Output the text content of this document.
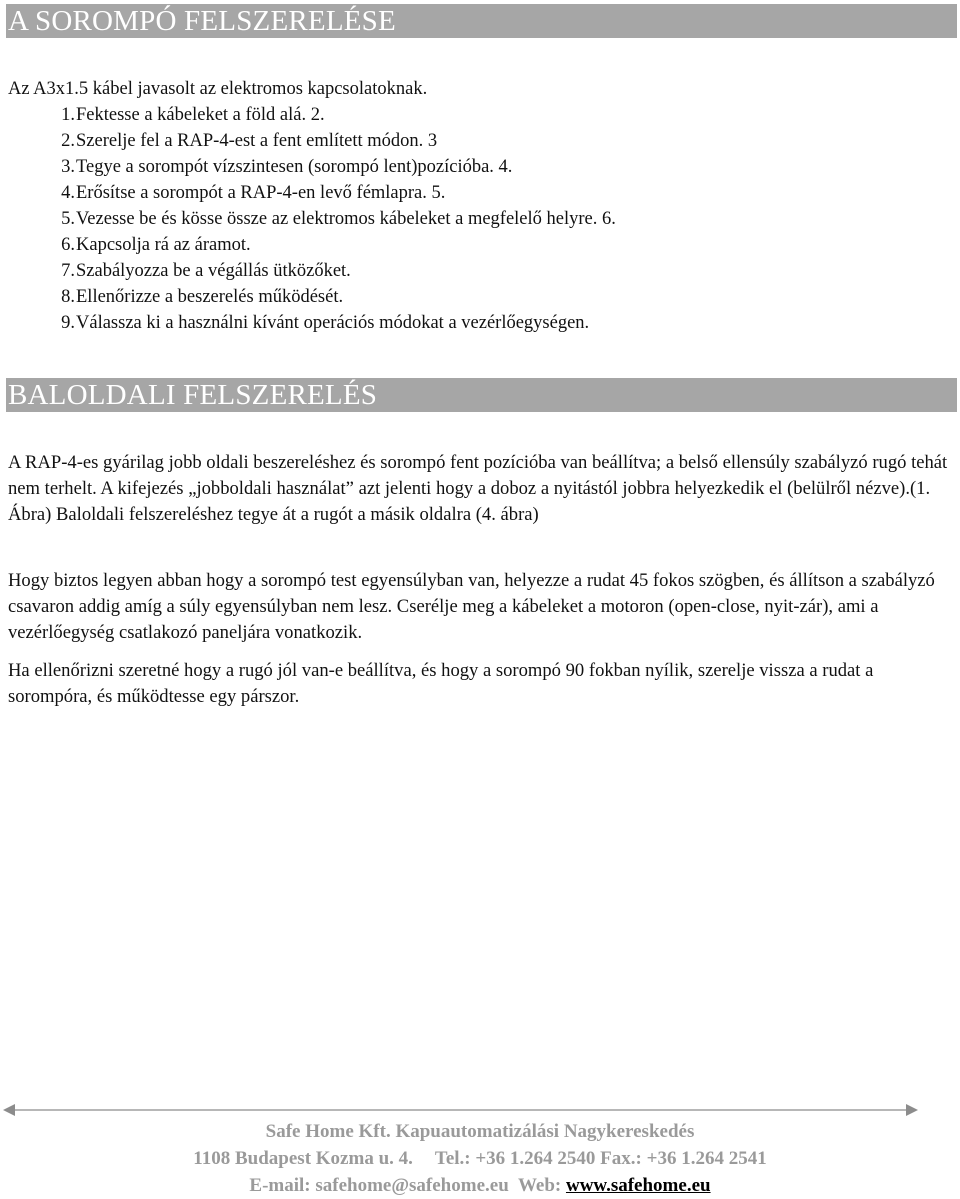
A SOROMPÓ FELSZERELÉSE
Az A3x1.5 kábel javasolt az elektromos kapcsolatoknak.
1. Fektesse a kábeleket a föld alá. 2.
2. Szerelje fel a RAP-4-est a fent említett módon. 3
3. Tegye a sorompót vízszintesen (sorompó lent)pozícióba. 4.
4. Erősítse a sorompót a RAP-4-en levő fémlapra. 5.
5. Vezesse be és kösse össze az elektromos kábeleket a megfelelő helyre. 6.
6. Kapcsolja rá az áramot.
7. Szabályozza be a végállás ütközőket.
8. Ellenőrizze a beszerelés működését.
9. Válassza ki a használni kívánt operációs módokat a vezérlőegységen.
BALOLDALI FELSZERELÉS

A RAP-4-es gyárilag jobb oldali beszereléshez és sorompó fent pozícióba van beállítva; a belső ellensúly szabályzó rugó tehát nem terhelt. A kifejezés „jobboldali használat” azt jelenti hogy a doboz a nyitástól jobbra helyezkedik el (belülről nézve).(1. Ábra) Baloldali felszereléshez tegye át a rugót a másik oldalra (4. ábra)

Hogy biztos legyen abban hogy a sorompó test egyensúlyban van, helyezze a rudat 45 fokos szögben, és állítson a szabályzó csavaron addig amíg a súly egyensúlyban nem lesz. Cserélje meg a kábeleket a motoron (open-close, nyit-zár), ami a vezérlőegység csatlakozó paneljára vonatkozik.

Ha ellenőrizni szeretné hogy a rugó jól van-e beállítva, és hogy a sorompó 90 fokban nyílik, szerelje vissza a rudat a sorompóra, és működtesse egy párszor.

Safe Home Kft. Kapuautomatizálási Nagykereskedés
1108 Budapest Kozma u. 4. Tel.: +36 1.264 2540 Fax.: +36 1.264 2541
E-mail: safehome@safehome.eu Web: www.safehome.eu
